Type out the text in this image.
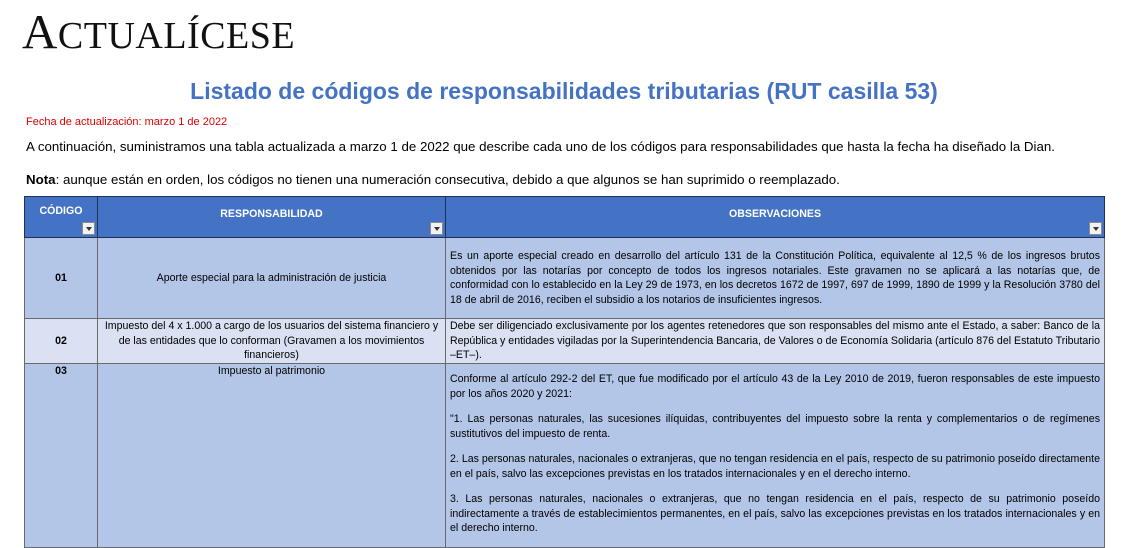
ACTUALÍCESE
Listado de códigos de responsabilidades tributarias (RUT casilla 53)
Fecha de actualización: marzo 1 de 2022
A continuación, suministramos una tabla actualizada a marzo 1 de 2022 que describe cada uno de los códigos para responsabilidades que hasta la fecha ha diseñado la Dian.
Nota: aunque están en orden, los códigos no tienen una numeración consecutiva, debido a que algunos se han suprimido o reemplazado.
CÓDIGO	RESPONSABILIDAD	OBSERVACIONES

01	Aporte especial para la administración de justicia	Es un aporte especial creado en desarrollo del artículo 131 de la Constitución Política, equivalente al 12,5 % de los ingresos brutos obtenidos por las notarías por concepto de todos los ingresos notariales. Este gravamen no se aplicará a las notarías que, de conformidad con lo establecido en la Ley 29 de 1973, en los decretos 1672 de 1997, 697 de 1999, 1890 de 1999 y la Resolución 3780 del 18 de abril de 2016, reciben el subsidio a los notarios de insuficientes ingresos.
02	Impuesto del 4 x 1.000 a cargo de los usuarios del sistema financiero y de las entidades que lo conforman (Gravamen a los movimientos financieros)	Debe ser diligenciado exclusivamente por los agentes retenedores que son responsables del mismo ante el Estado, a saber: Banco de la República y entidades vigiladas por la Superintendencia Bancaria, de Valores o de Economía Solidaria (artículo 876 del Estatuto Tributario –ET–).
03	Impuesto al patrimonio	Conforme al artículo 292-2 del ET, que fue modificado por el artículo 43 de la Ley 2010 de 2019, fueron responsables de este impuesto por los años 2020 y 2021:

"1. Las personas naturales, las sucesiones ilíquidas, contribuyentes del impuesto sobre la renta y complementarios o de regímenes sustitutivos del impuesto de renta.

2. Las personas naturales, nacionales o extranjeras, que no tengan residencia en el país, respecto de su patrimonio poseído directamente en el país, salvo las excepciones previstas en los tratados internacionales y en el derecho interno.

3. Las personas naturales, nacionales o extranjeras, que no tengan residencia en el país, respecto de su patrimonio poseído indirectamente a través de establecimientos permanentes, en el país, salvo las excepciones previstas en los tratados internacionales y en el derecho interno.
